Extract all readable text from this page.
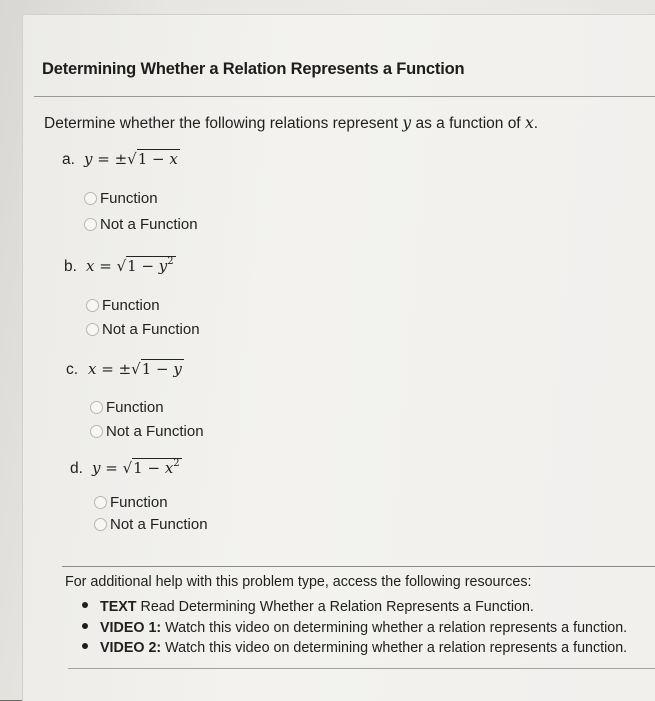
Determining Whether a Relation Represents a Function
Determine whether the following relations represent y as a function of x.
a. y = ±√1 − x
Function
Not a Function
b. $x = √1 - y^2$
Function
Not a Function
c. x = ±√1 − y
Function
Not a Function
d. $y = √1 - x^2$
Function
Not a Function
For additional help with this problem type, access the following resources:
TEXT Read Determining Whether a Relation Represents a Function.
VIDEO 1: Watch this video on determining whether a relation represents a function.
VIDEO 2: Watch this video on determining whether a relation represents a function.
